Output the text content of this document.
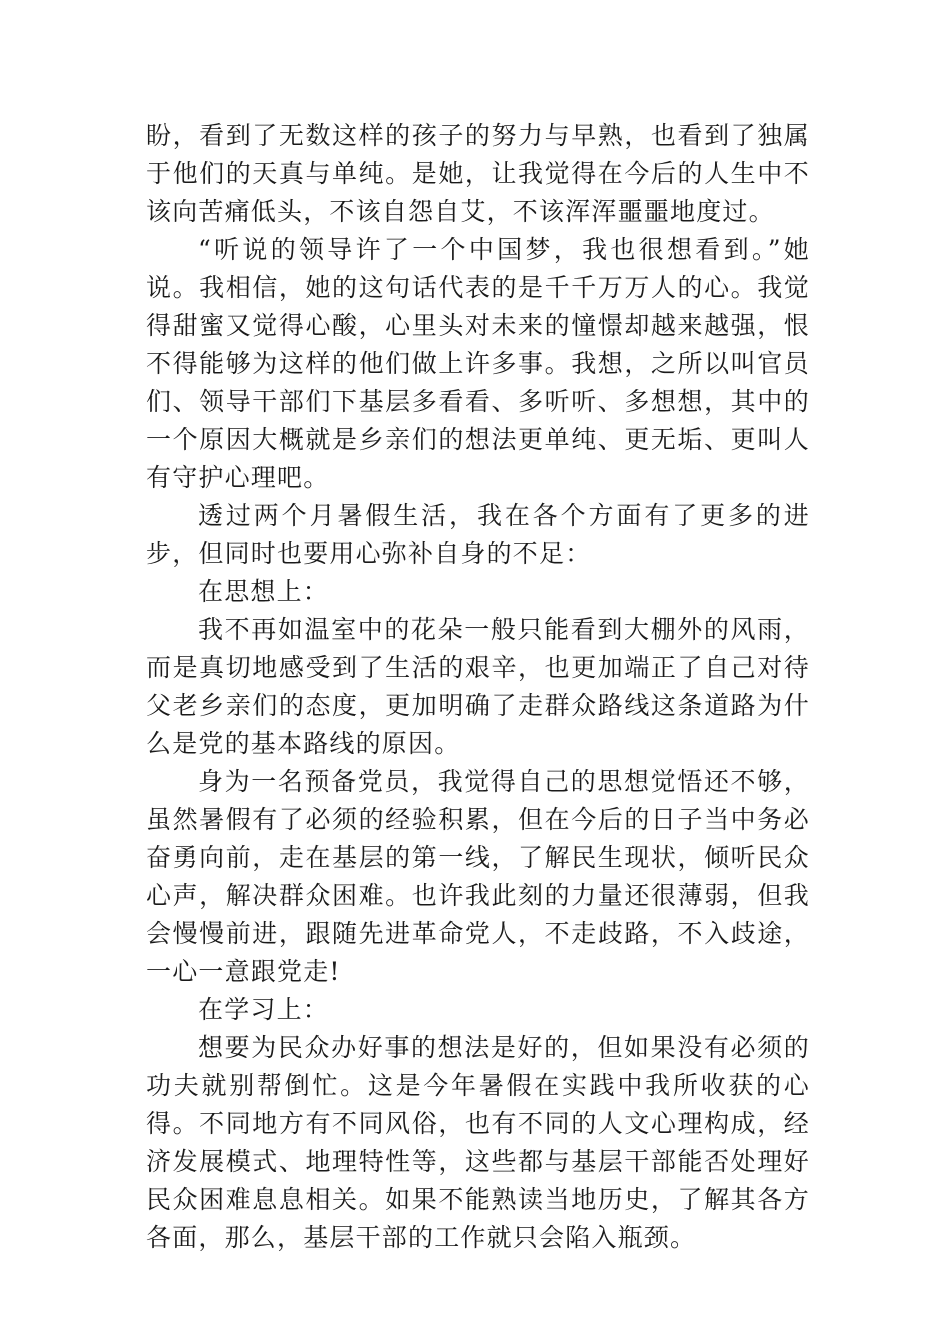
盼，看到了无数这样的孩子的努力与早熟，也看到了独属于他们的天真与单纯。是她，让我觉得在今后的人生中不该向苦痛低头，不该自怨自艾，不该浑浑噩噩地度过。

“听说的领导许了一个中国梦，我也很想看到。”她说。我相信，她的这句话代表的是千千万万人的心。我觉得甜蜜又觉得心酸，心里头对未来的憧憬却越来越强，恨不得能够为这样的他们做上许多事。我想，之所以叫官员们、领导干部们下基层多看看、多听听、多想想，其中的一个原因大概就是乡亲们的想法更单纯、更无垢、更叫人有守护心理吧。

透过两个月暑假生活，我在各个方面有了更多的进步，但同时也要用心弥补自身的不足：

在思想上：

我不再如温室中的花朵一般只能看到大棚外的风雨，而是真切地感受到了生活的艰辛，也更加端正了自己对待父老乡亲们的态度，更加明确了走群众路线这条道路为什么是党的基本路线的原因。

身为一名预备党员，我觉得自己的思想觉悟还不够，虽然暑假有了必须的经验积累，但在今后的日子当中务必奋勇向前，走在基层的第一线，了解民生现状，倾听民众心声，解决群众困难。也许我此刻的力量还很薄弱，但我会慢慢前进，跟随先进革命党人，不走歧路，不入歧途，一心一意跟党走!

在学习上：

想要为民众办好事的想法是好的，但如果没有必须的功夫就别帮倒忙。这是今年暑假在实践中我所收获的心得。不同地方有不同风俗，也有不同的人文心理构成，经济发展模式、地理特性等，这些都与基层干部能否处理好民众困难息息相关。如果不能熟读当地历史，了解其各方各面，那么，基层干部的工作就只会陷入瓶颈。
